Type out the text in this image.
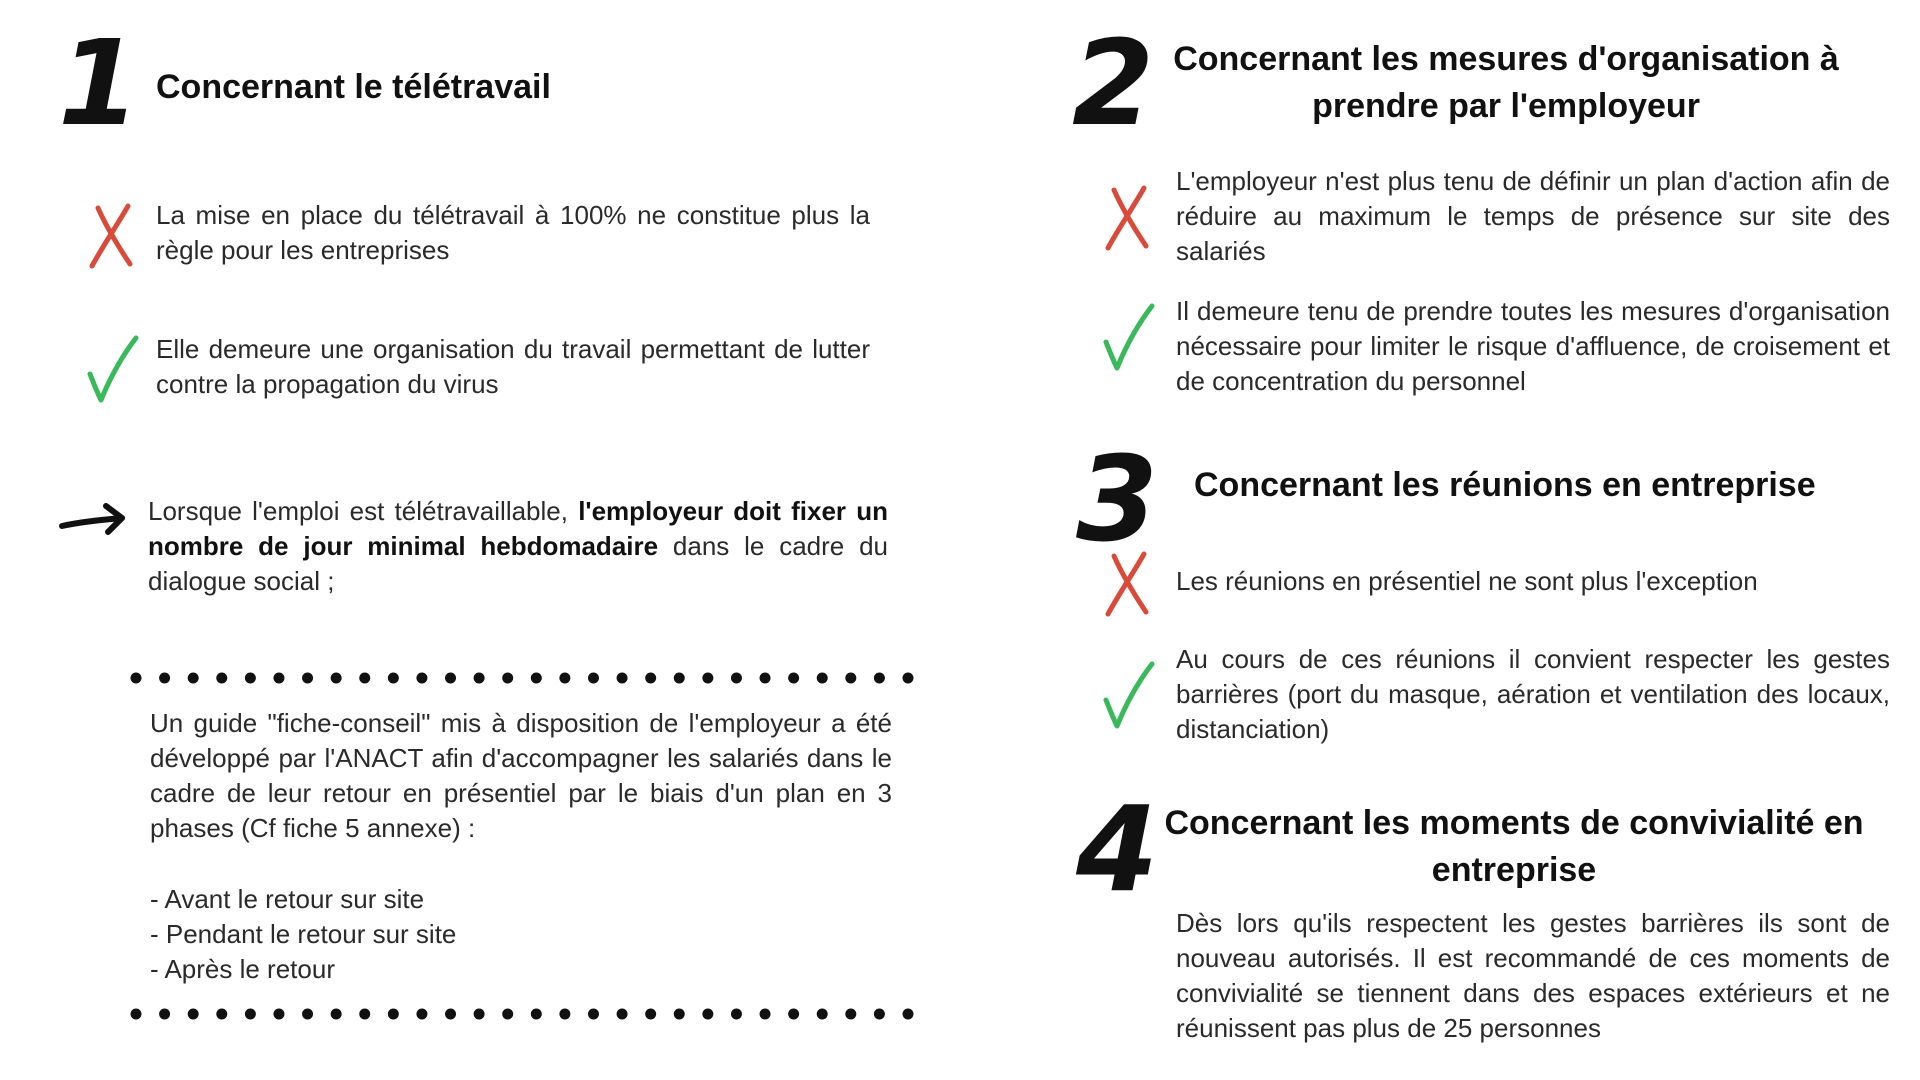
1 Concernant le télétravail

La mise en place du télétravail à 100% ne constitue plus la règle pour les entreprises

Elle demeure une organisation du travail permettant de lutter contre la propagation du virus

Lorsque l'emploi est télétravaillable, l'employeur doit fixer un nombre de jour minimal hebdomadaire dans le cadre du dialogue social ;

Un guide "fiche-conseil" mis à disposition de l'employeur a été développé par l'ANACT afin d'accompagner les salariés dans le cadre de leur retour en présentiel par le biais d'un plan en 3 phases (Cf fiche 5 annexe) :

- Avant le retour sur site
- Pendant le retour sur site
- Après le retour
2 Concernant les mesures d'organisation à prendre par l'employeur

L'employeur n'est plus tenu de définir un plan d'action afin de réduire au maximum le temps de présence sur site des salariés

Il demeure tenu de prendre toutes les mesures d'organisation nécessaire pour limiter le risque d'affluence, de croisement et de concentration du personnel

3 Concernant les réunions en entreprise

Les réunions en présentiel ne sont plus l'exception

Au cours de ces réunions il convient respecter les gestes barrières (port du masque, aération et ventilation des locaux, distanciation)

4 Concernant les moments de convivialité en entreprise

Dès lors qu'ils respectent les gestes barrières ils sont de nouveau autorisés. Il est recommandé de ces moments de convivialité se tiennent dans des espaces extérieurs et ne réunissent pas plus de 25 personnes
